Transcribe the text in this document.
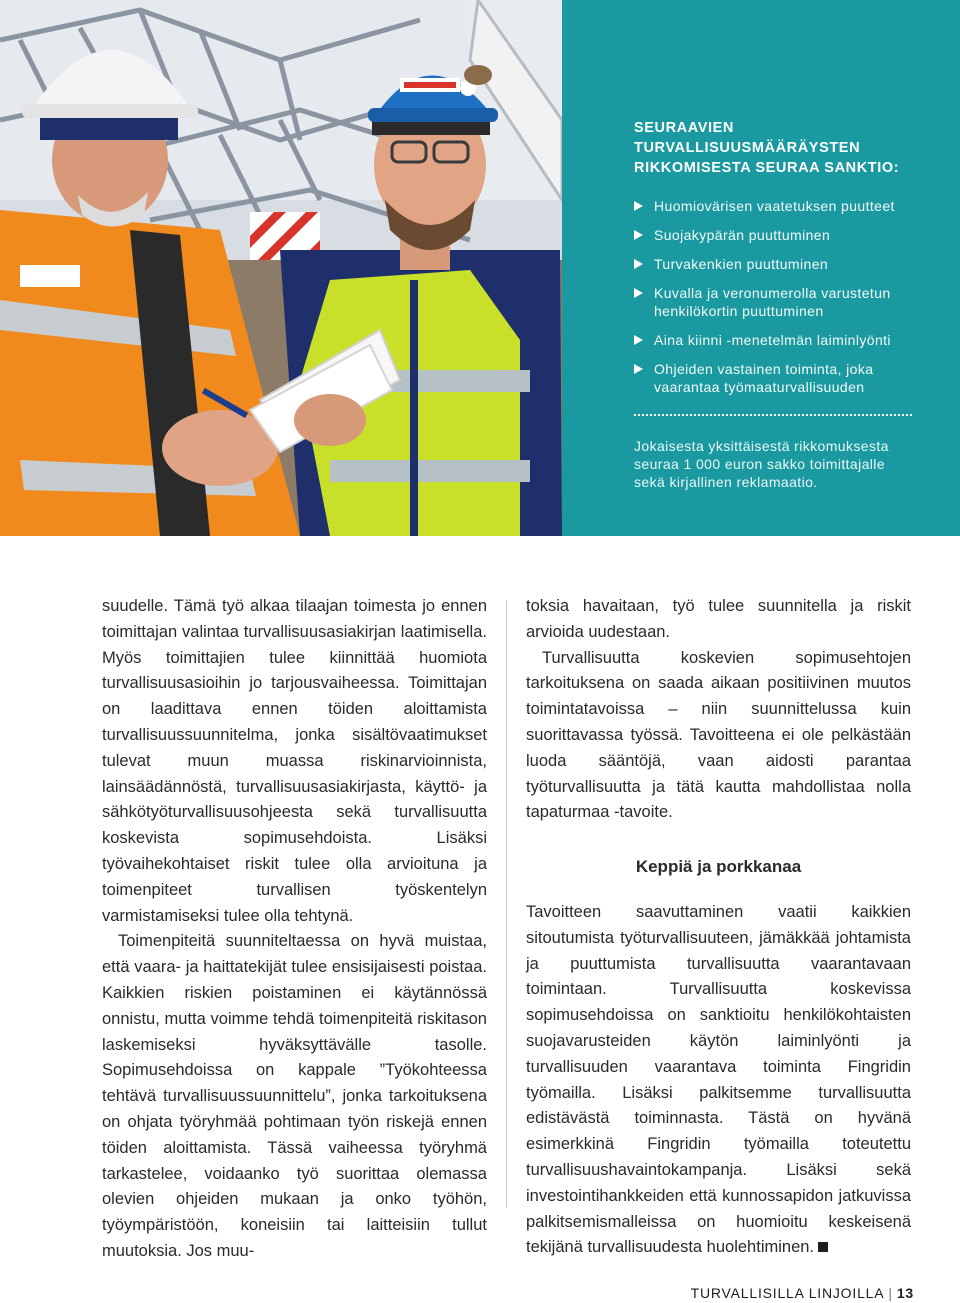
SEURAAVIEN
TURVALLISUUSMÄÄRÄYSTEN
RIKKOMISESTA SEURAA SANKTIO:
Huomiovärisen vaatetuksen puutteet
Suojakypärän puuttuminen
Turvakenkien puuttuminen
Kuvalla ja veronumerolla varustetun henkilökortin puuttuminen
Aina kiinni -menetelmän laiminlyönti
Ohjeiden vastainen toiminta, joka vaarantaa työmaaturvallisuuden

Jokaisesta yksittäisestä rikkomuksesta seuraa 1 000 euron sakko toimittajalle sekä kirjallinen reklamaatio.

suudelle. Tämä työ alkaa tilaajan toimesta jo ennen toimittajan valintaa turvallisuusasiakirjan laatimisella. Myös toimittajien tulee kiinnittää huomiota turvallisuusasioihin jo tarjousvaiheessa. Toimittajan on laadittava ennen töiden aloittamista turvallisuussuunnitelma, jonka sisältövaatimukset tulevat muun muassa riskinarvioinnista, lainsäädännöstä, turvallisuusasiakirjasta, käyttö- ja sähkötyöturvallisuusohjeesta sekä turvallisuutta koskevista sopimusehdoista. Lisäksi työvaihekohtaiset riskit tulee olla arvioituna ja toimenpiteet turvallisen työskentelyn varmistamiseksi tulee olla tehtynä.

Toimenpiteitä suunniteltaessa on hyvä muistaa, että vaara- ja haittatekijät tulee ensisijaisesti poistaa. Kaikkien riskien poistaminen ei käytännössä onnistu, mutta voimme tehdä toimenpiteitä riskitason laskemiseksi hyväksyttävälle tasolle. Sopimusehdoissa on kappale ”Työkohteessa tehtävä turvallisuussuunnittelu”, jonka tarkoituksena on ohjata työryhmää pohtimaan työn riskejä ennen töiden aloittamista. Tässä vaiheessa työryhmä tarkastelee, voidaanko työ suorittaa olemassa olevien ohjeiden mukaan ja onko työhön, työympäristöön, koneisiin tai laitteisiin tullut muutoksia. Jos muu-

toksia havaitaan, työ tulee suunnitella ja riskit arvioida uudestaan.

Turvallisuutta koskevien sopimusehtojen tarkoituksena on saada aikaan positiivinen muutos toimintatavoissa – niin suunnittelussa kuin suorittavassa työssä. Tavoitteena ei ole pelkästään luoda sääntöjä, vaan aidosti parantaa työturvallisuutta ja tätä kautta mahdollistaa nolla tapaturmaa -tavoite.

Keppiä ja porkkanaa

Tavoitteen saavuttaminen vaatii kaikkien sitoutumista työturvallisuuteen, jämäkkää johtamista ja puuttumista turvallisuutta vaarantavaan toimintaan. Turvallisuutta koskevissa sopimusehdoissa on sanktioitu henkilökohtaisten suojavarusteiden käytön laiminlyönti ja turvallisuuden vaarantava toiminta Fingridin työmailla. Lisäksi palkitsemme turvallisuutta edistävästä toiminnasta. Tästä on hyvänä esimerkkinä Fingridin työmailla toteutettu turvallisuushavaintokampanja. Lisäksi sekä investointihankkeiden että kunnossapidon jatkuvissa palkitsemismalleissa on huomioitu keskeisenä tekijänä turvallisuudesta huolehtiminen.

TURVALLISILLA LINJOILLA | 13
